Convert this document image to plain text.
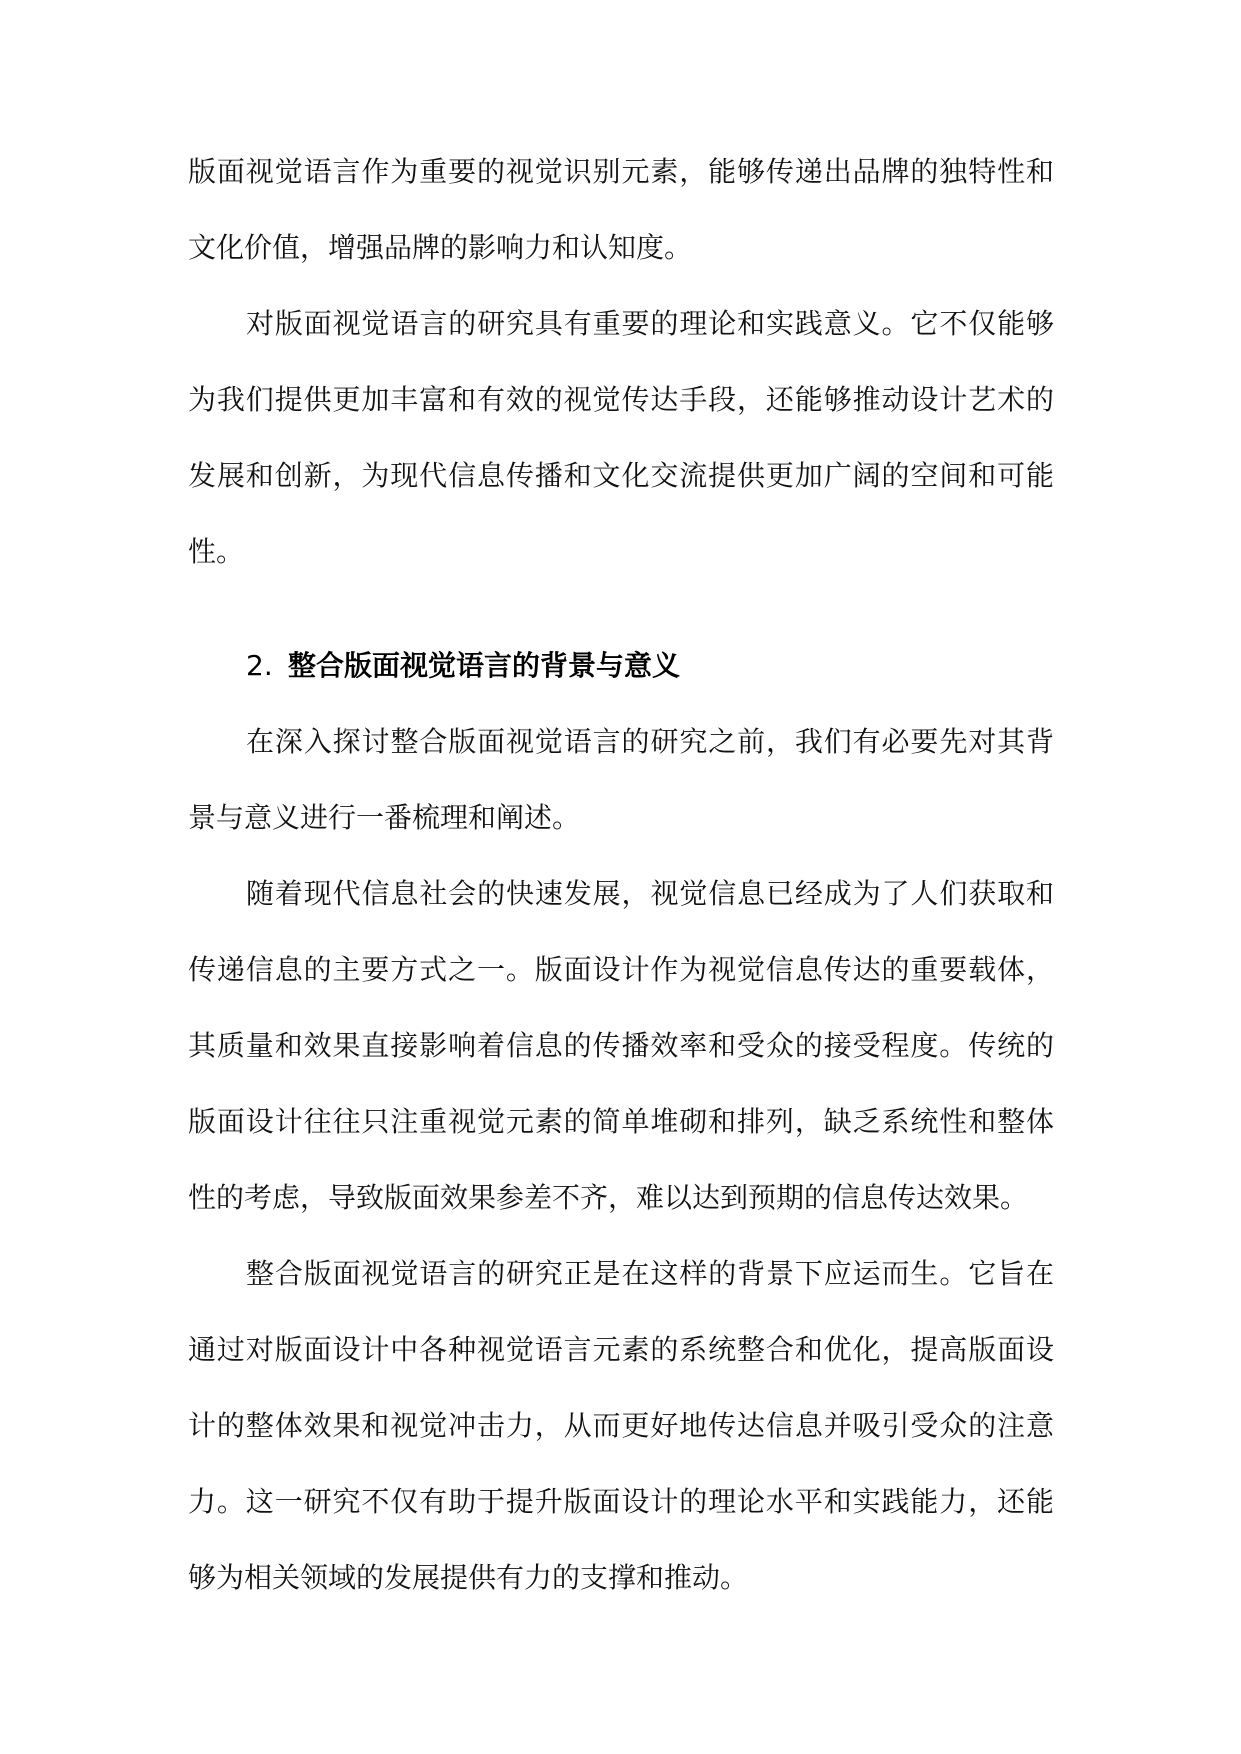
版面视觉语言作为重要的视觉识别元素，能够传递出品牌的独特性和文化价值，增强品牌的影响力和认知度。

对版面视觉语言的研究具有重要的理论和实践意义。它不仅能够为我们提供更加丰富和有效的视觉传达手段，还能够推动设计艺术的发展和创新，为现代信息传播和文化交流提供更加广阔的空间和可能性。

2. 整合版面视觉语言的背景与意义

在深入探讨整合版面视觉语言的研究之前，我们有必要先对其背景与意义进行一番梳理和阐述。

随着现代信息社会的快速发展，视觉信息已经成为了人们获取和传递信息的主要方式之一。版面设计作为视觉信息传达的重要载体，其质量和效果直接影响着信息的传播效率和受众的接受程度。传统的版面设计往往只注重视觉元素的简单堆砌和排列，缺乏系统性和整体性的考虑，导致版面效果参差不齐，难以达到预期的信息传达效果。

整合版面视觉语言的研究正是在这样的背景下应运而生。它旨在通过对版面设计中各种视觉语言元素的系统整合和优化，提高版面设计的整体效果和视觉冲击力，从而更好地传达信息并吸引受众的注意力。这一研究不仅有助于提升版面设计的理论水平和实践能力，还能够为相关领域的发展提供有力的支撑和推动。
